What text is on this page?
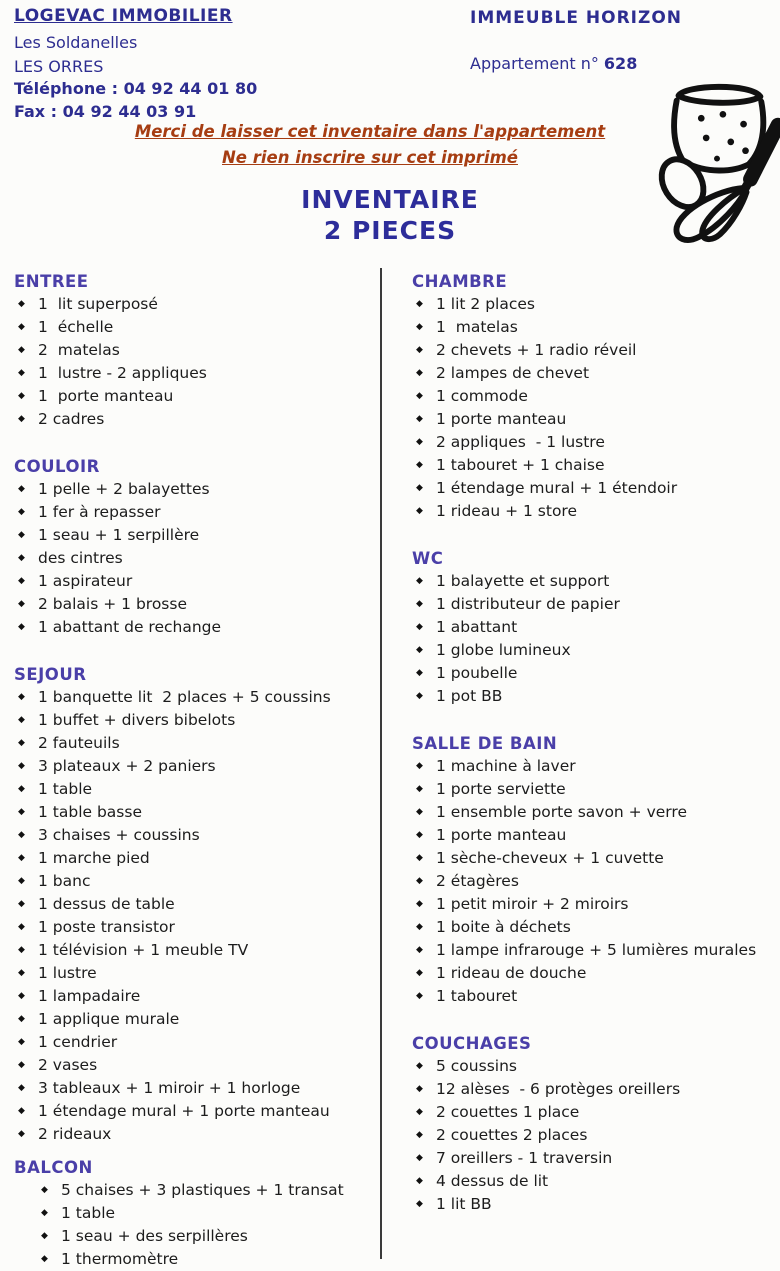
LOGEVAC IMMOBILIER
Les Soldanelles
LES ORRES
Téléphone : 04 92 44 01 80
Fax : 04 92 44 03 91
IMMEUBLE HORIZON
Appartement n° 628
Merci de laisser cet inventaire dans l'appartement
Ne rien inscrire sur cet imprimé
INVENTAIRE
2 PIECES
ENTREE
◆ 1  lit superposé
◆ 1  échelle
◆ 2  matelas
◆ 1  lustre - 2 appliques
◆ 1  porte manteau
◆ 2 cadres
COULOIR
◆ 1 pelle + 2 balayettes
◆ 1 fer à repasser
◆ 1 seau + 1 serpillère
◆ des cintres
◆ 1 aspirateur
◆ 2 balais + 1 brosse
◆ 1 abattant de rechange
SEJOUR
◆ 1 banquette lit  2 places + 5 coussins
◆ 1 buffet + divers bibelots
◆ 2 fauteuils
◆ 3 plateaux + 2 paniers
◆ 1 table
◆ 1 table basse
◆ 3 chaises + coussins
◆ 1 marche pied
◆ 1 banc
◆ 1 dessus de table
◆ 1 poste transistor
◆ 1 télévision + 1 meuble TV
◆ 1 lustre
◆ 1 lampadaire
◆ 1 applique murale
◆ 1 cendrier
◆ 2 vases
◆ 3 tableaux + 1 miroir + 1 horloge
◆ 1 étendage mural + 1 porte manteau
◆ 2 rideaux
BALCON
◆ 5 chaises + 3 plastiques + 1 transat
◆ 1 table
◆ 1 seau + des serpillères
◆ 1 thermomètre
CHAMBRE
◆ 1 lit 2 places
◆ 1  matelas
◆ 2 chevets + 1 radio réveil
◆ 2 lampes de chevet
◆ 1 commode
◆ 1 porte manteau
◆ 2 appliques  - 1 lustre
◆ 1 tabouret + 1 chaise
◆ 1 étendage mural + 1 étendoir
◆ 1 rideau + 1 store
WC
◆ 1 balayette et support
◆ 1 distributeur de papier
◆ 1 abattant
◆ 1 globe lumineux
◆ 1 poubelle
◆ 1 pot BB
SALLE DE BAIN
◆ 1 machine à laver
◆ 1 porte serviette
◆ 1 ensemble porte savon + verre
◆ 1 porte manteau
◆ 1 sèche-cheveux + 1 cuvette
◆ 2 étagères
◆ 1 petit miroir + 2 miroirs
◆ 1 boite à déchets
◆ 1 lampe infrarouge + 5 lumières murales
◆ 1 rideau de douche
◆ 1 tabouret
COUCHAGES
◆ 5 coussins
◆ 12 alèses  - 6 protèges oreillers
◆ 2 couettes 1 place
◆ 2 couettes 2 places
◆ 7 oreillers - 1 traversin
◆ 4 dessus de lit
◆ 1 lit BB
